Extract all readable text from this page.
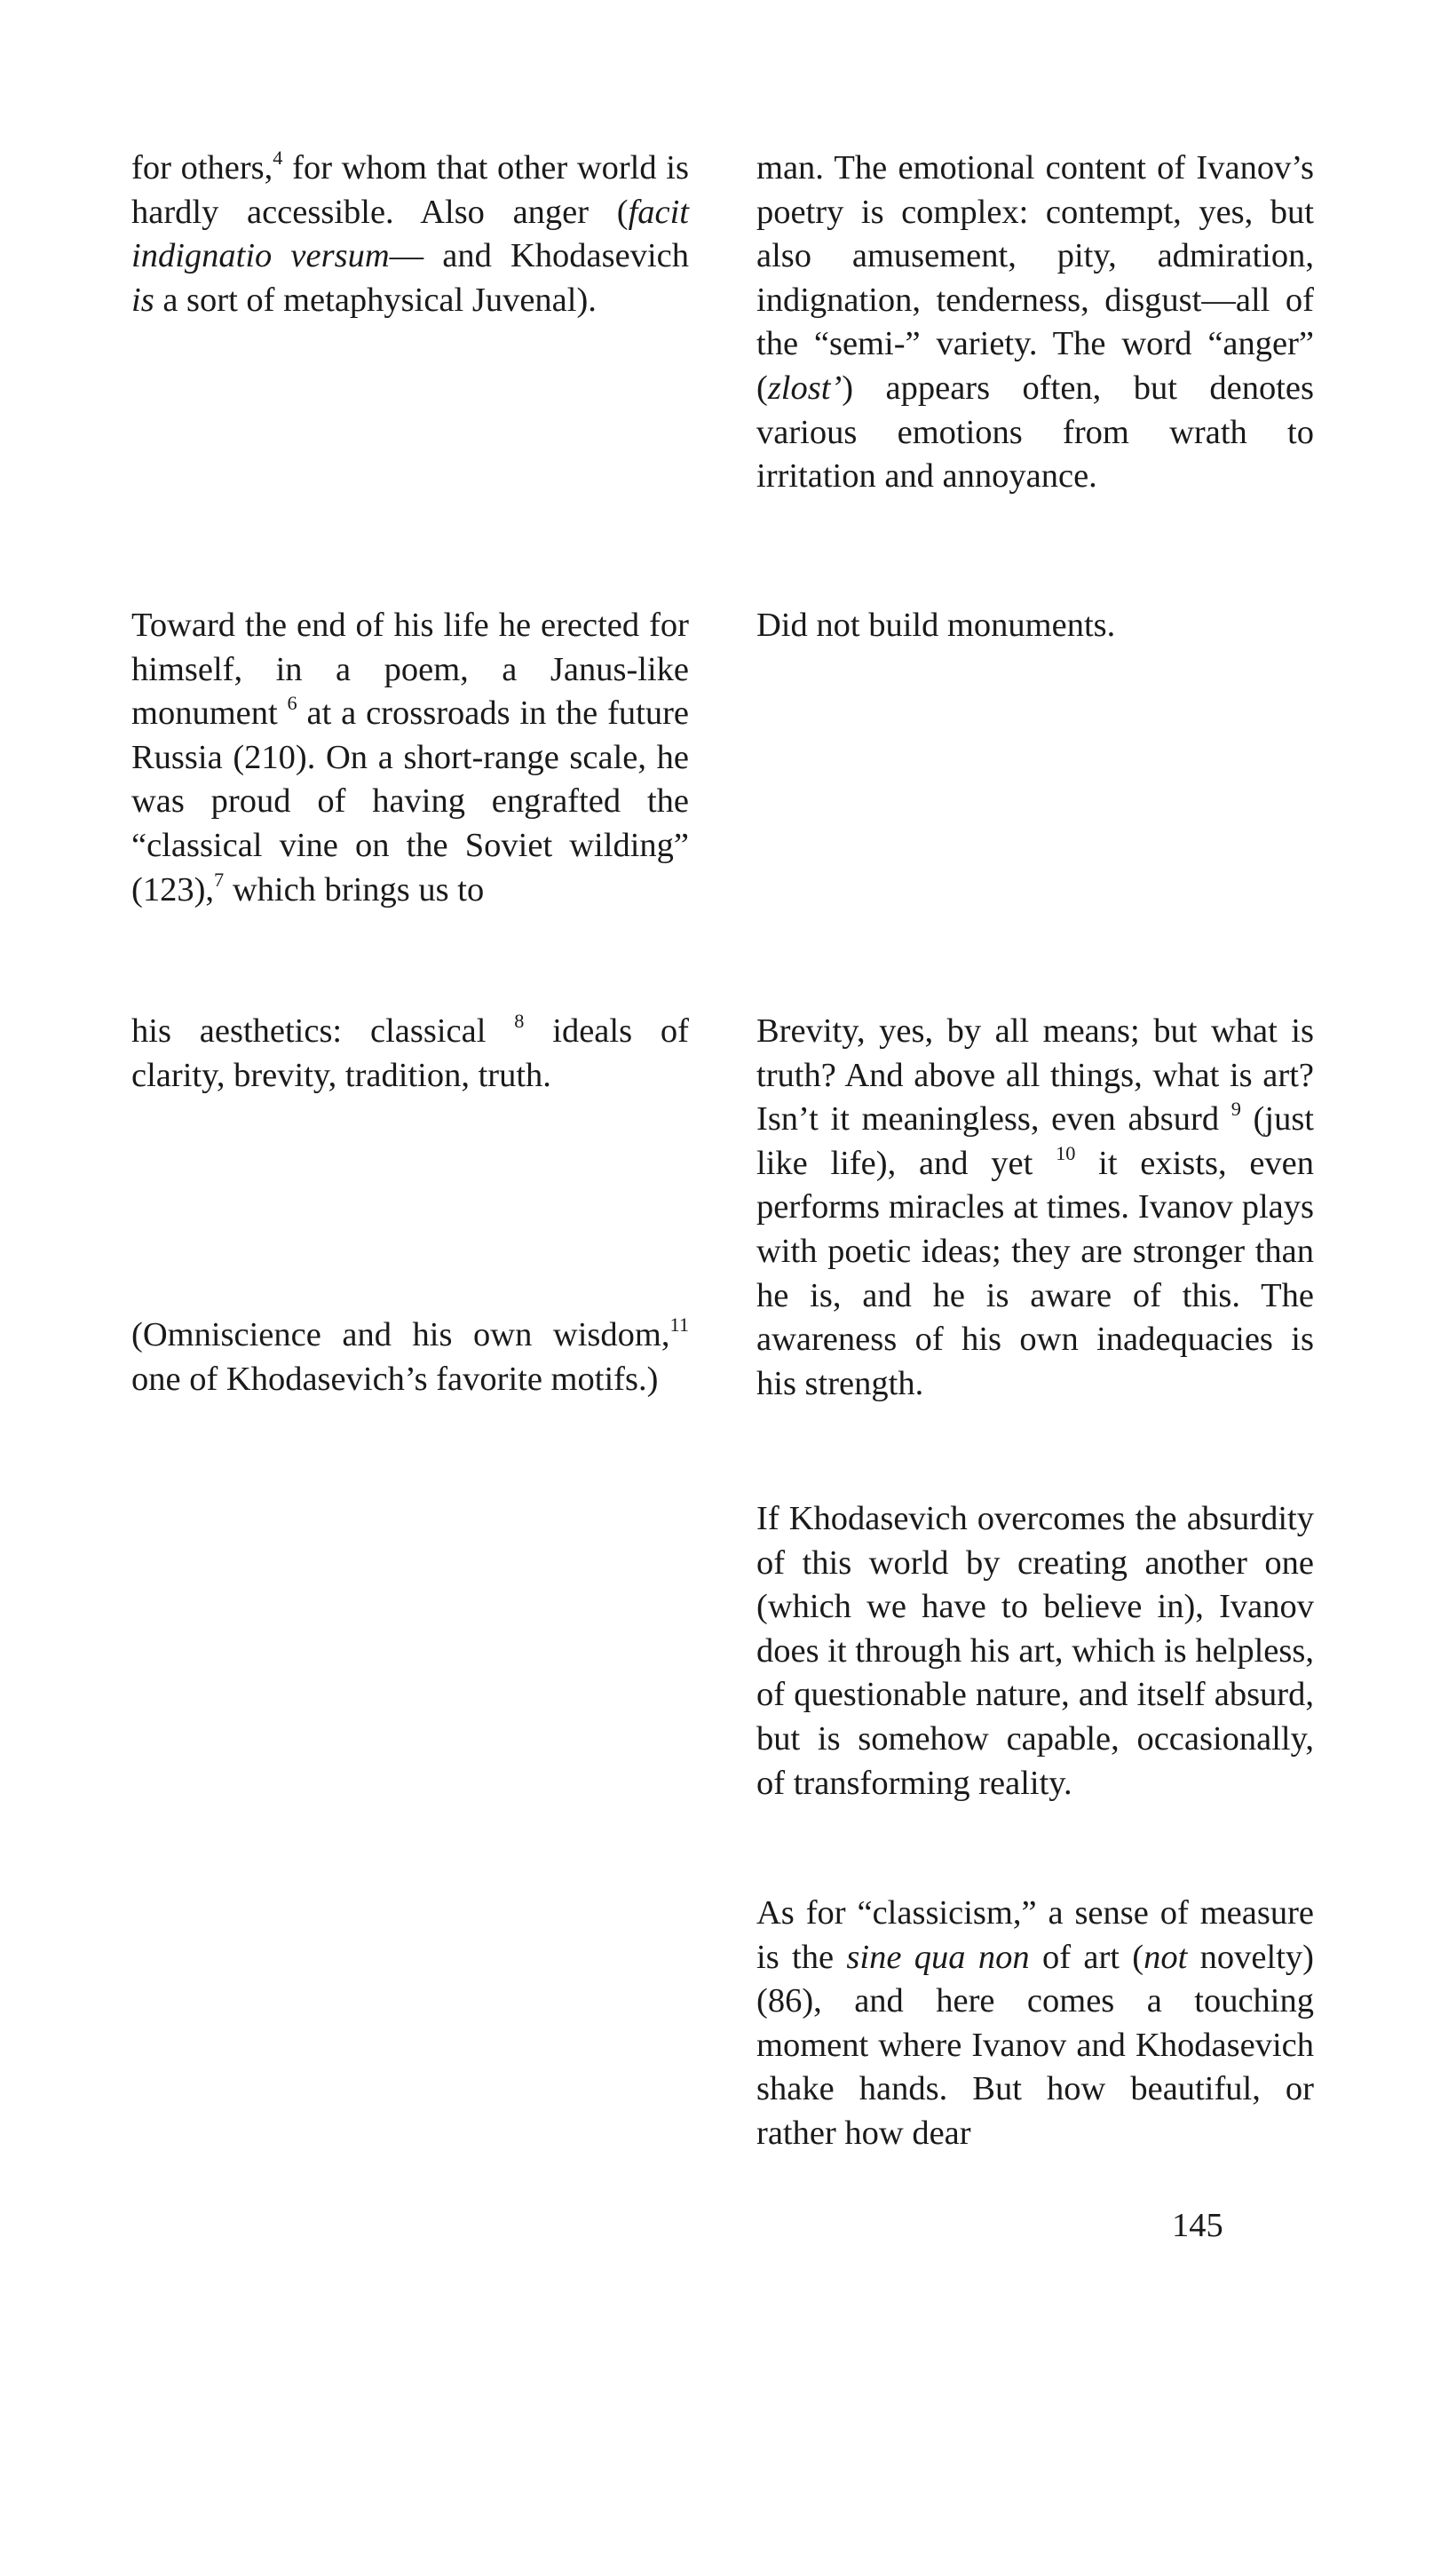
for others,$^4$ for whom that other world is hardly accessible. Also anger (facit indignatio versum— and Khodasevich is a sort of metaphysical Juvenal).

Toward the end of his life he erected for himself, in a poem, a Janus-like monument $^6$ at a crossroads in the future Russia (210). On a short-range scale, he was proud of having engrafted the “classical vine on the Soviet wilding” (123),$^7$ which brings us to

his aesthetics: classical $^8$ ideals of clarity, brevity, tradition, truth.

(Omniscience and his own wisdom,$^{11}$ one of Khodasevich’s favorite motifs.)

man. The emotional content of Ivanov’s poetry is complex: contempt, yes, but also amusement, pity, admiration, indignation, tenderness, disgust—all of the “semi-” variety. The word “anger” (zlost’) appears often, but denotes various emotions from wrath to irritation and annoyance.

Did not build monuments.

Brevity, yes, by all means; but what is truth? And above all things, what is art? Isn’t it meaningless, even absurd $^9$ (just like life), and yet $^{10}$ it exists, even performs miracles at times. Ivanov plays with poetic ideas; they are stronger than he is, and he is aware of this. The awareness of his own inadequacies is his strength.

If Khodasevich overcomes the absurdity of this world by creating another one (which we have to believe in), Ivanov does it through his art, which is helpless, of questionable nature, and itself absurd, but is somehow capable, occasionally, of transforming reality.

As for “classicism,” a sense of measure is the sine qua non of art (not novelty) (86), and here comes a touching moment where Ivanov and Khodasevich shake hands. But how beautiful, or rather how dear

145
